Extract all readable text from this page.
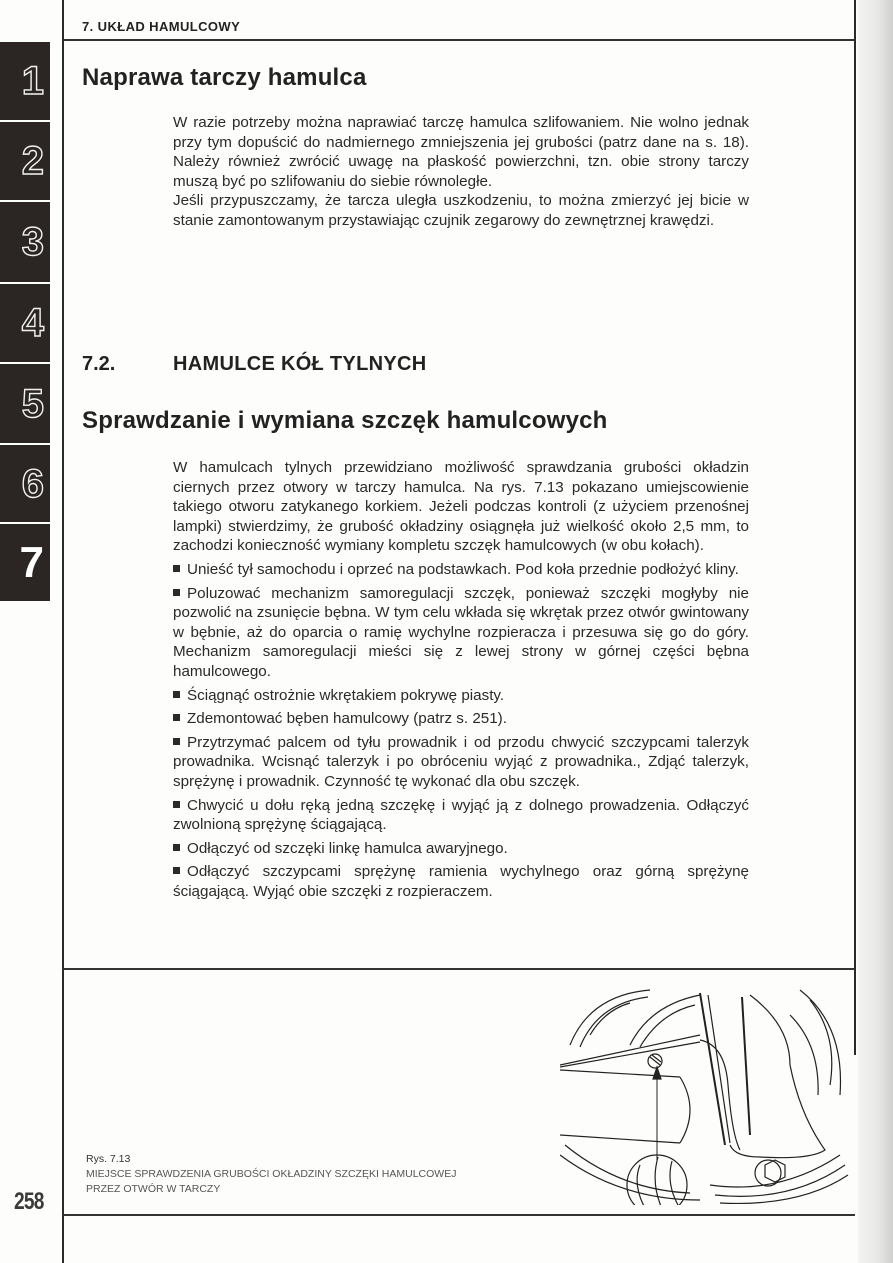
1
2
3
4
5
6
7
7. UKŁAD HAMULCOWY
Naprawa tarczy hamulca

W razie potrzeby można naprawiać tarczę hamulca szlifowaniem. Nie wolno jednak przy tym dopuścić do nadmiernego zmniejszenia jej grubości (patrz dane na s. 18). Należy również zwrócić uwagę na płaskość powierzchni, tzn. obie strony tarczy muszą być po szlifowaniu do siebie równoległe.

Jeśli przypuszczamy, że tarcza uległa uszkodzeniu, to można zmierzyć jej bicie w stanie zamontowanym przystawiając czujnik zegarowy do zewnętrznej krawędzi.

7.2.	HAMULCE KÓŁ TYLNYCH
Sprawdzanie i wymiana szczęk hamulcowych

W hamulcach tylnych przewidziano możliwość sprawdzania grubości okładzin ciernych przez otwory w tarczy hamulca. Na rys. 7.13 pokazano umiejscowienie takiego otworu zatykanego korkiem. Jeżeli podczas kontroli (z użyciem przenośnej lampki) stwierdzimy, że grubość okładziny osiągnęła już wielkość około 2,5 mm, to zachodzi konieczność wymiany kompletu szczęk hamulcowych (w obu kołach).

Unieść tył samochodu i oprzeć na podstawkach. Pod koła przednie podłożyć kliny.

Poluzować mechanizm samoregulacji szczęk, ponieważ szczęki mogłyby nie pozwolić na zsunięcie bębna. W tym celu wkłada się wkrętak przez otwór gwintowany w bębnie, aż do oparcia o ramię wychylne rozpieracza i przesuwa się go do góry. Mechanizm samoregulacji mieści się z lewej strony w górnej części bębna hamulcowego.

Ściągnąć ostrożnie wkrętakiem pokrywę piasty.

Zdemontować bęben hamulcowy (patrz s. 251).

Przytrzymać palcem od tyłu prowadnik i od przodu chwycić szczypcami talerzyk prowadnika. Wcisnąć talerzyk i po obróceniu wyjąć z prowadnika., Zdjąć talerzyk, sprężynę i prowadnik. Czynność tę wykonać dla obu szczęk.

Chwycić u dołu ręką jedną szczękę i wyjąć ją z dolnego prowadzenia. Odłączyć zwolnioną sprężynę ściągającą.

Odłączyć od szczęki linkę hamulca awaryjnego.

Odłączyć szczypcami sprężynę ramienia wychylnego oraz górną sprężynę ściągającą. Wyjąć obie szczęki z rozpieraczem.

Rys. 7.13
MIEJSCE SPRAWDZENIA GRUBOŚCI OKŁADZINY SZCZĘKI HAMULCOWEJ
PRZEZ OTWÓR W TARCZY
258
